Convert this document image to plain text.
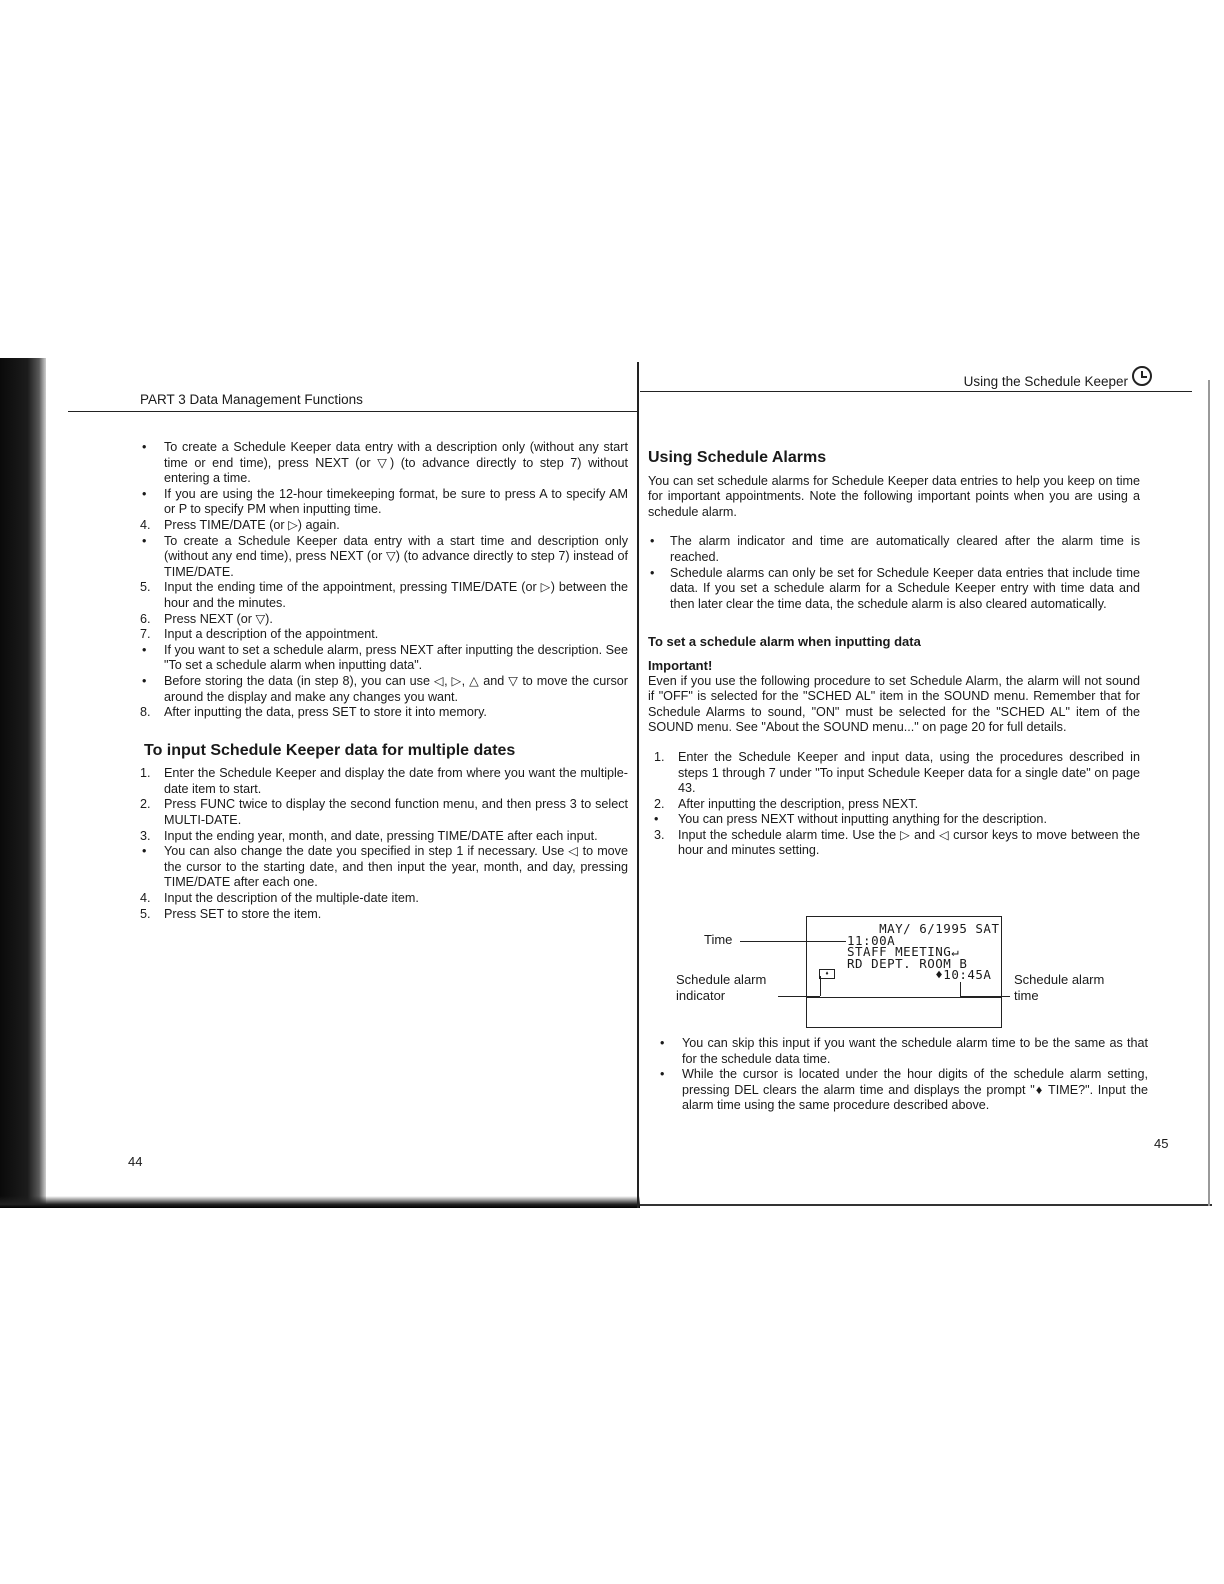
PART 3 Data Management Functions
• To create a Schedule Keeper data entry with a description only (without any start time or end time), press NEXT (or ▽) (to advance directly to step 7) without entering a time.
• If you are using the 12-hour timekeeping format, be sure to press A to specify AM or P to specify PM when inputting time.
4. Press TIME/DATE (or ▷) again.
• To create a Schedule Keeper data entry with a start time and description only (without any end time), press NEXT (or ▽) (to advance directly to step 7) instead of TIME/DATE.
5. Input the ending time of the appointment, pressing TIME/DATE (or ▷) between the hour and the minutes.
6. Press NEXT (or ▽).
7. Input a description of the appointment.
• If you want to set a schedule alarm, press NEXT after inputting the description. See "To set a schedule alarm when inputting data".
• Before storing the data (in step 8), you can use ◁, ▷, △ and ▽ to move the cursor around the display and make any changes you want.
8. After inputting the data, press SET to store it into memory.
To input Schedule Keeper data for multiple dates
1. Enter the Schedule Keeper and display the date from where you want the multiple-date item to start.
2. Press FUNC twice to display the second function menu, and then press 3 to select MULTI-DATE.
3. Input the ending year, month, and date, pressing TIME/DATE after each input.
• You can also change the date you specified in step 1 if necessary. Use ◁ to move the cursor to the starting date, and then input the year, month, and day, pressing TIME/DATE after each one.
4. Input the description of the multiple-date item.
5. Press SET to store the item.
44
Using the Schedule Keeper
Using Schedule Alarms

You can set schedule alarms for Schedule Keeper data entries to help you keep on time for important appointments. Note the following important points when you are using a schedule alarm.

• The alarm indicator and time are automatically cleared after the alarm time is reached.
• Schedule alarms can only be set for Schedule Keeper data entries that include time data. If you set a schedule alarm for a Schedule Keeper entry with time data and then later clear the time data, the schedule alarm is also cleared automatically.
To set a schedule alarm when inputting data
Important!

Even if you use the following procedure to set Schedule Alarm, the alarm will not sound if "OFF" is selected for the "SCHED AL" item in the SOUND menu. Remember that for Schedule Alarms to sound, "ON" must be selected for the "SCHED AL" item of the SOUND menu. See "About the SOUND menu..." on page 20 for full details.

1. Enter the Schedule Keeper and input data, using the procedures described in steps 1 through 7 under "To input Schedule Keeper data for a single date" on page 43.
2. After inputting the description, press NEXT.
• You can press NEXT without inputting anything for the description.
3. Input the schedule alarm time. Use the ▷ and ◁ cursor keys to move between the hour and minutes setting.
MAY/ 6/1995 SAT
11:00A
STAFF MEETING↵
RD DEPT. ROOM B
♦10:45A
♦
Time
Schedule alarm
indicator
Schedule alarm
time
• You can skip this input if you want the schedule alarm time to be the same as that for the schedule data time.
• While the cursor is located under the hour digits of the schedule alarm setting, pressing DEL clears the alarm time and displays the prompt "♦ TIME?". Input the alarm time using the same procedure described above.
45
